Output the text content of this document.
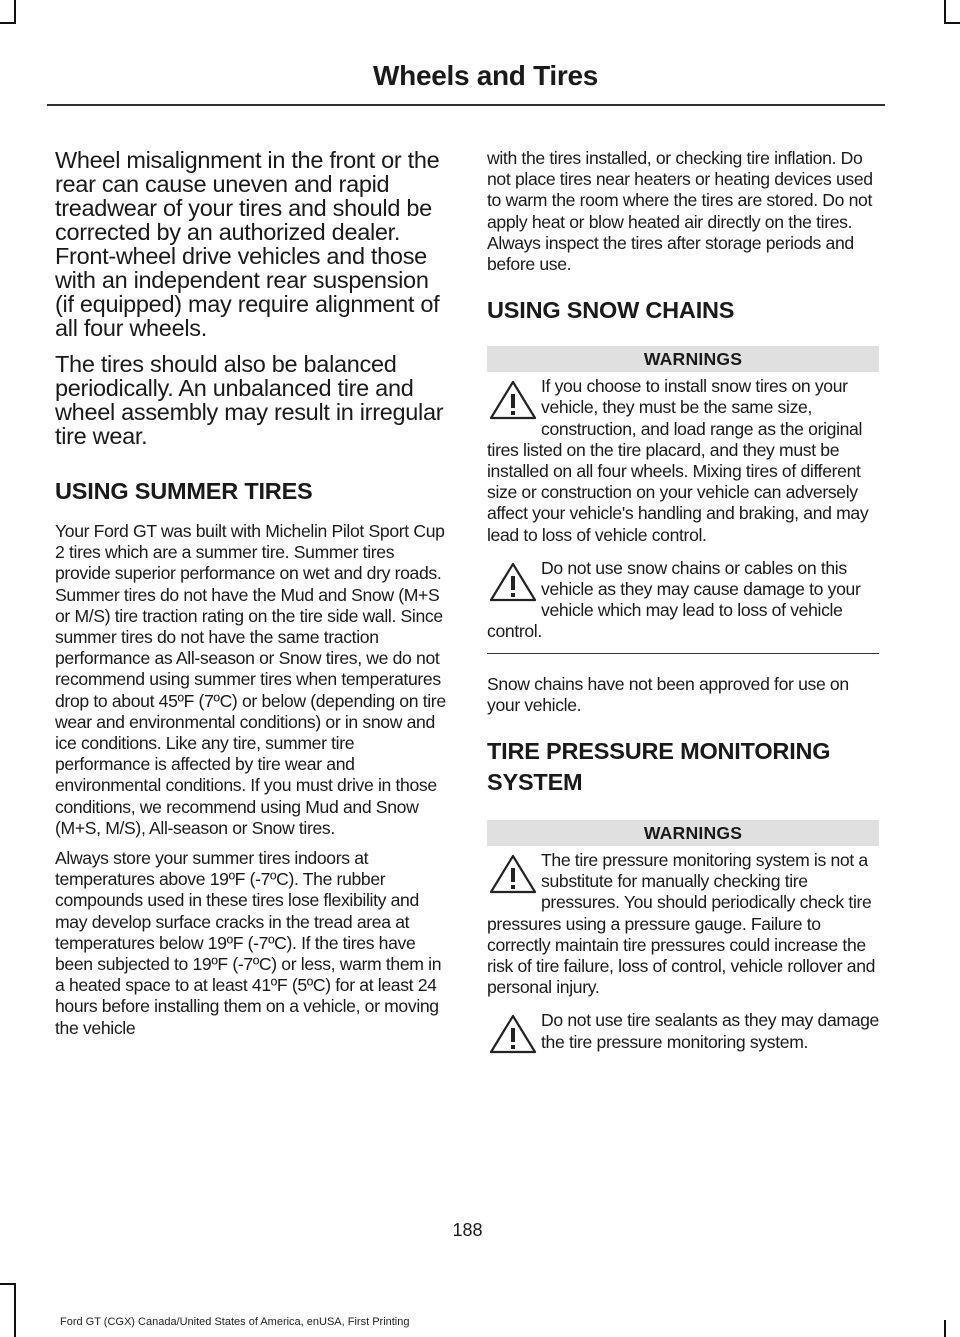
Wheels and Tires

Wheel misalignment in the front or the rear can cause uneven and rapid treadwear of your tires and should be corrected by an authorized dealer. Front-wheel drive vehicles and those with an independent rear suspension (if equipped) may require alignment of all four wheels.

The tires should also be balanced periodically. An unbalanced tire and wheel assembly may result in irregular tire wear.

USING SUMMER TIRES

Your Ford GT was built with Michelin Pilot Sport Cup 2 tires which are a summer tire. Summer tires provide superior performance on wet and dry roads. Summer tires do not have the Mud and Snow (M+S or M/S) tire traction rating on the tire side wall. Since summer tires do not have the same traction performance as All-season or Snow tires, we do not recommend using summer tires when temperatures drop to about 45ºF (7ºC) or below (depending on tire wear and environmental conditions) or in snow and ice conditions. Like any tire, summer tire performance is affected by tire wear and environmental conditions. If you must drive in those conditions, we recommend using Mud and Snow (M+S, M/S), All-season or Snow tires.

Always store your summer tires indoors at temperatures above 19ºF (-7ºC). The rubber compounds used in these tires lose flexibility and may develop surface cracks in the tread area at temperatures below 19ºF (-7ºC). If the tires have been subjected to 19ºF (-7ºC) or less, warm them in a heated space to at least 41ºF (5ºC) for at least 24 hours before installing them on a vehicle, or moving the vehicle

with the tires installed, or checking tire inflation. Do not place tires near heaters or heating devices used to warm the room where the tires are stored. Do not apply heat or blow heated air directly on the tires. Always inspect the tires after storage periods and before use.

USING SNOW CHAINS
WARNINGS
If you choose to install snow tires on your vehicle, they must be the same size, construction, and load range as the original tires listed on the tire placard, and they must be installed on all four wheels. Mixing tires of different size or construction on your vehicle can adversely affect your vehicle's handling and braking, and may lead to loss of vehicle control.
Do not use snow chains or cables on this vehicle as they may cause damage to your vehicle which may lead to loss of vehicle control.

Snow chains have not been approved for use on your vehicle.

TIRE PRESSURE MONITORING SYSTEM
WARNINGS
The tire pressure monitoring system is not a substitute for manually checking tire pressures. You should periodically check tire pressures using a pressure gauge. Failure to correctly maintain tire pressures could increase the risk of tire failure, loss of control, vehicle rollover and personal injury.
Do not use tire sealants as they may damage the tire pressure monitoring system.
188
Ford GT (CGX) Canada/United States of America, enUSA, First Printing
